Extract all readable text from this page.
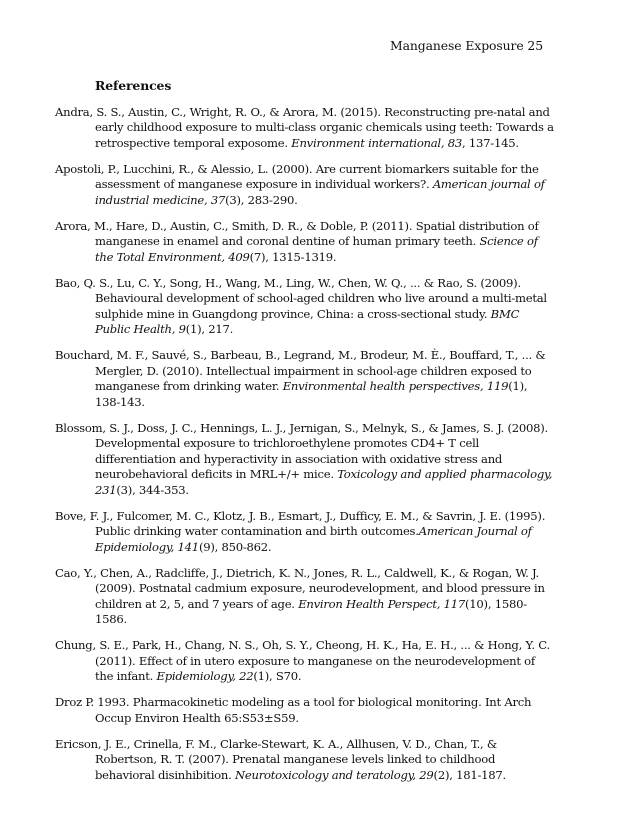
Manganese Exposure 25
References

Andra, S. S., Austin, C., Wright, R. O., & Arora, M. (2015). Reconstructing pre-natal and early childhood exposure to multi-class organic chemicals using teeth: Towards a retrospective temporal exposome. Environment international, 83, 137-145.

Apostoli, P., Lucchini, R., & Alessio, L. (2000). Are current biomarkers suitable for the assessment of manganese exposure in individual workers?. American journal of industrial medicine, 37(3), 283-290.

Arora, M., Hare, D., Austin, C., Smith, D. R., & Doble, P. (2011). Spatial distribution of manganese in enamel and coronal dentine of human primary teeth. Science of the Total Environment, 409(7), 1315-1319.

Bao, Q. S., Lu, C. Y., Song, H., Wang, M., Ling, W., Chen, W. Q., ... & Rao, S. (2009). Behavioural development of school-aged children who live around a multi-metal sulphide mine in Guangdong province, China: a cross-sectional study. BMC Public Health, 9(1), 217.

Bouchard, M. F., Sauvé, S., Barbeau, B., Legrand, M., Brodeur, M. È., Bouffard, T., ... & Mergler, D. (2010). Intellectual impairment in school-age children exposed to manganese from drinking water. Environmental health perspectives, 119(1), 138-143.

Blossom, S. J., Doss, J. C., Hennings, L. J., Jernigan, S., Melnyk, S., & James, S. J. (2008). Developmental exposure to trichloroethylene promotes CD4+ T cell differentiation and hyperactivity in association with oxidative stress and neurobehavioral deficits in MRL+/+ mice. Toxicology and applied pharmacology, 231(3), 344-353.

Bove, F. J., Fulcomer, M. C., Klotz, J. B., Esmart, J., Dufficy, E. M., & Savrin, J. E. (1995). Public drinking water contamination and birth outcomes.American Journal of Epidemiology, 141(9), 850-862.

Cao, Y., Chen, A., Radcliffe, J., Dietrich, K. N., Jones, R. L., Caldwell, K., & Rogan, W. J. (2009). Postnatal cadmium exposure, neurodevelopment, and blood pressure in children at 2, 5, and 7 years of age. Environ Health Perspect, 117(10), 1580-1586.

Chung, S. E., Park, H., Chang, N. S., Oh, S. Y., Cheong, H. K., Ha, E. H., ... & Hong, Y. C. (2011). Effect of in utero exposure to manganese on the neurodevelopment of the infant. Epidemiology, 22(1), S70.

Droz P. 1993. Pharmacokinetic modeling as a tool for biological monitoring. Int Arch Occup Environ Health 65:S53±S59.

Ericson, J. E., Crinella, F. M., Clarke-Stewart, K. A., Allhusen, V. D., Chan, T., & Robertson, R. T. (2007). Prenatal manganese levels linked to childhood behavioral disinhibition. Neurotoxicology and teratology, 29(2), 181-187.
